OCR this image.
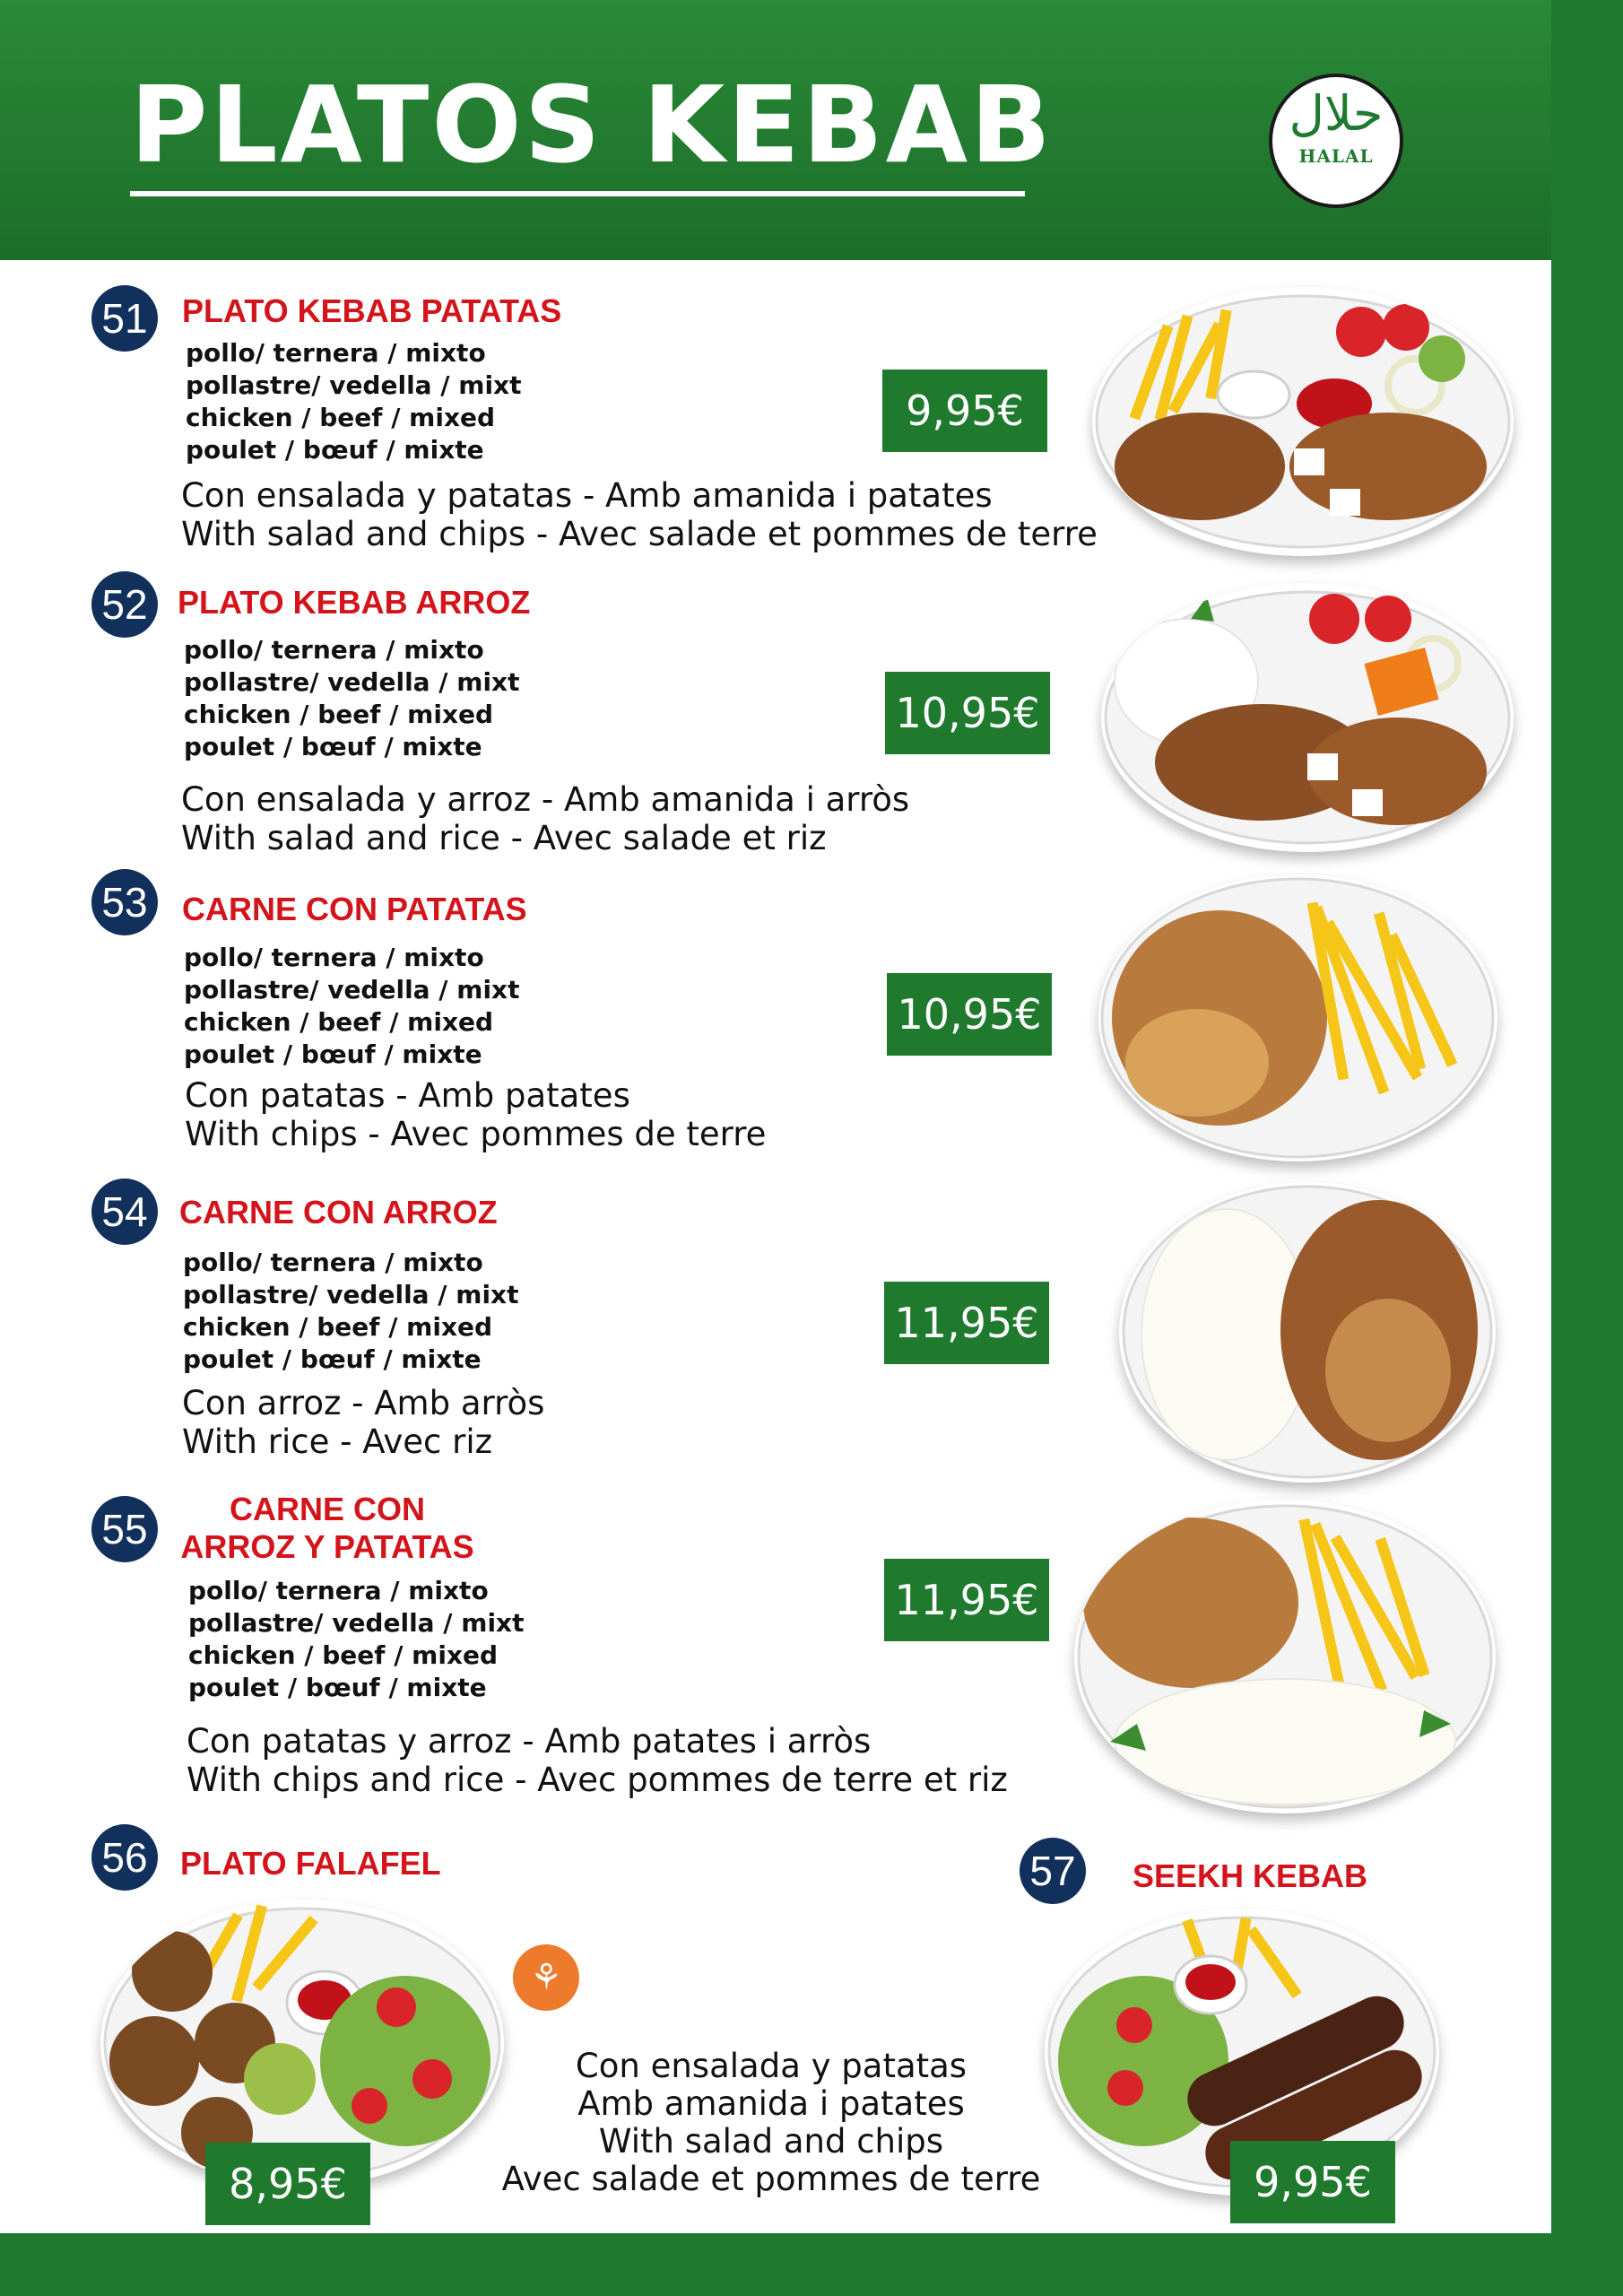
PLATOS KEBAB	حلال
HALAL
51	PLATO KEBAB PATATAS
pollo/ ternera / mixto
pollastre/ vedella / mixt
chicken / beef / mixed
poulet / bœuf / mixte
Con ensalada y patatas - Amb amanida i patates
With salad and chips - Avec salade et pommes de terre
9,95€
52 PLATO KEBAB ARROZ
pollo/ ternera / mixto
pollastre/ vedella / mixt
chicken / beef / mixed
poulet / bœuf / mixte
Con ensalada y arroz - Amb amanida i arròs
With salad and rice - Avec salade et riz
10,95€
53	CARNE CON PATATAS
pollo/ ternera / mixto
pollastre/ vedella / mixt
chicken / beef / mixed
poulet / bœuf / mixte
Con patatas - Amb patates
With chips - Avec pommes de terre
10,95€
54 CARNE CON ARROZ
pollo/ ternera / mixto
pollastre/ vedella / mixt
chicken / beef / mixed
poulet / bœuf / mixte
Con arroz - Amb arròs
With rice - Avec riz
11,95€
55	CARNE CON
ARROZ Y PATATAS
pollo/ ternera / mixto
pollastre/ vedella / mixt
chicken / beef / mixed
poulet / bœuf / mixte
Con patatas y arroz - Amb patates i arròs
With chips and rice - Avec pommes de terre et riz
11,95€
56	PLATO FALAFEL
⚘
8,95€
Con ensalada y patatas
Amb amanida i patates
With salad and chips
Avec salade et pommes de terre
57	SEEKH KEBAB
9,95€
